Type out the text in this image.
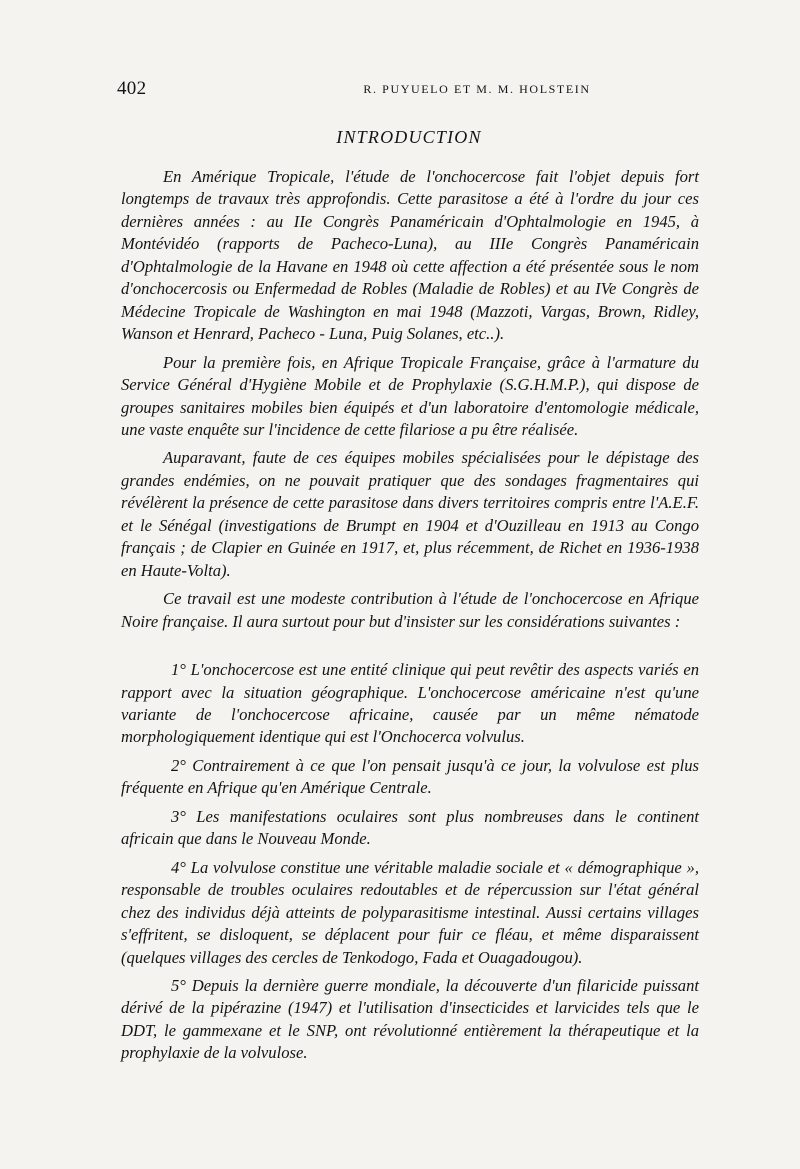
402	R. PUYUELO ET M. M. HOLSTEIN
INTRODUCTION

En Amérique Tropicale, l'étude de l'onchocercose fait l'objet depuis fort longtemps de travaux très approfondis. Cette parasitose a été à l'ordre du jour ces dernières années : au IIe Congrès Panaméricain d'Ophtalmologie en 1945, à Montévidéo (rapports de Pacheco-Luna), au IIIe Congrès Panaméricain d'Ophtalmologie de la Havane en 1948 où cette affection a été présentée sous le nom d'onchocercosis ou Enfermedad de Robles (Maladie de Robles) et au IVe Congrès de Médecine Tropicale de Washington en mai 1948 (Mazzoti, Vargas, Brown, Ridley, Wanson et Henrard, Pacheco - Luna, Puig Solanes, etc..).

Pour la première fois, en Afrique Tropicale Française, grâce à l'armature du Service Général d'Hygiène Mobile et de Prophylaxie (S.G.H.M.P.), qui dispose de groupes sanitaires mobiles bien équipés et d'un laboratoire d'entomologie médicale, une vaste enquête sur l'incidence de cette filariose a pu être réalisée.

Auparavant, faute de ces équipes mobiles spécialisées pour le dépistage des grandes endémies, on ne pouvait pratiquer que des sondages fragmentaires qui révélèrent la présence de cette parasitose dans divers territoires compris entre l'A.E.F. et le Sénégal (investigations de Brumpt en 1904 et d'Ouzilleau en 1913 au Congo français ; de Clapier en Guinée en 1917, et, plus récemment, de Richet en 1936-1938 en Haute-Volta).

Ce travail est une modeste contribution à l'étude de l'onchocercose en Afrique Noire française. Il aura surtout pour but d'insister sur les considérations suivantes :

1° L'onchocercose est une entité clinique qui peut revêtir des aspects variés en rapport avec la situation géographique. L'onchocercose américaine n'est qu'une variante de l'onchocercose africaine, causée par un même nématode morphologiquement identique qui est l'Onchocerca volvulus.

2° Contrairement à ce que l'on pensait jusqu'à ce jour, la volvulose est plus fréquente en Afrique qu'en Amérique Centrale.

3° Les manifestations oculaires sont plus nombreuses dans le continent africain que dans le Nouveau Monde.

4° La volvulose constitue une véritable maladie sociale et « démographique », responsable de troubles oculaires redoutables et de répercussion sur l'état général chez des individus déjà atteints de polyparasitisme intestinal. Aussi certains villages s'effritent, se disloquent, se déplacent pour fuir ce fléau, et même disparaissent (quelques villages des cercles de Tenkodogo, Fada et Ouagadougou).

5° Depuis la dernière guerre mondiale, la découverte d'un filaricide puissant dérivé de la pipérazine (1947) et l'utilisation d'insecticides et larvicides tels que le DDT, le gammexane et le SNP, ont révolutionné entièrement la thérapeutique et la prophylaxie de la volvulose.
